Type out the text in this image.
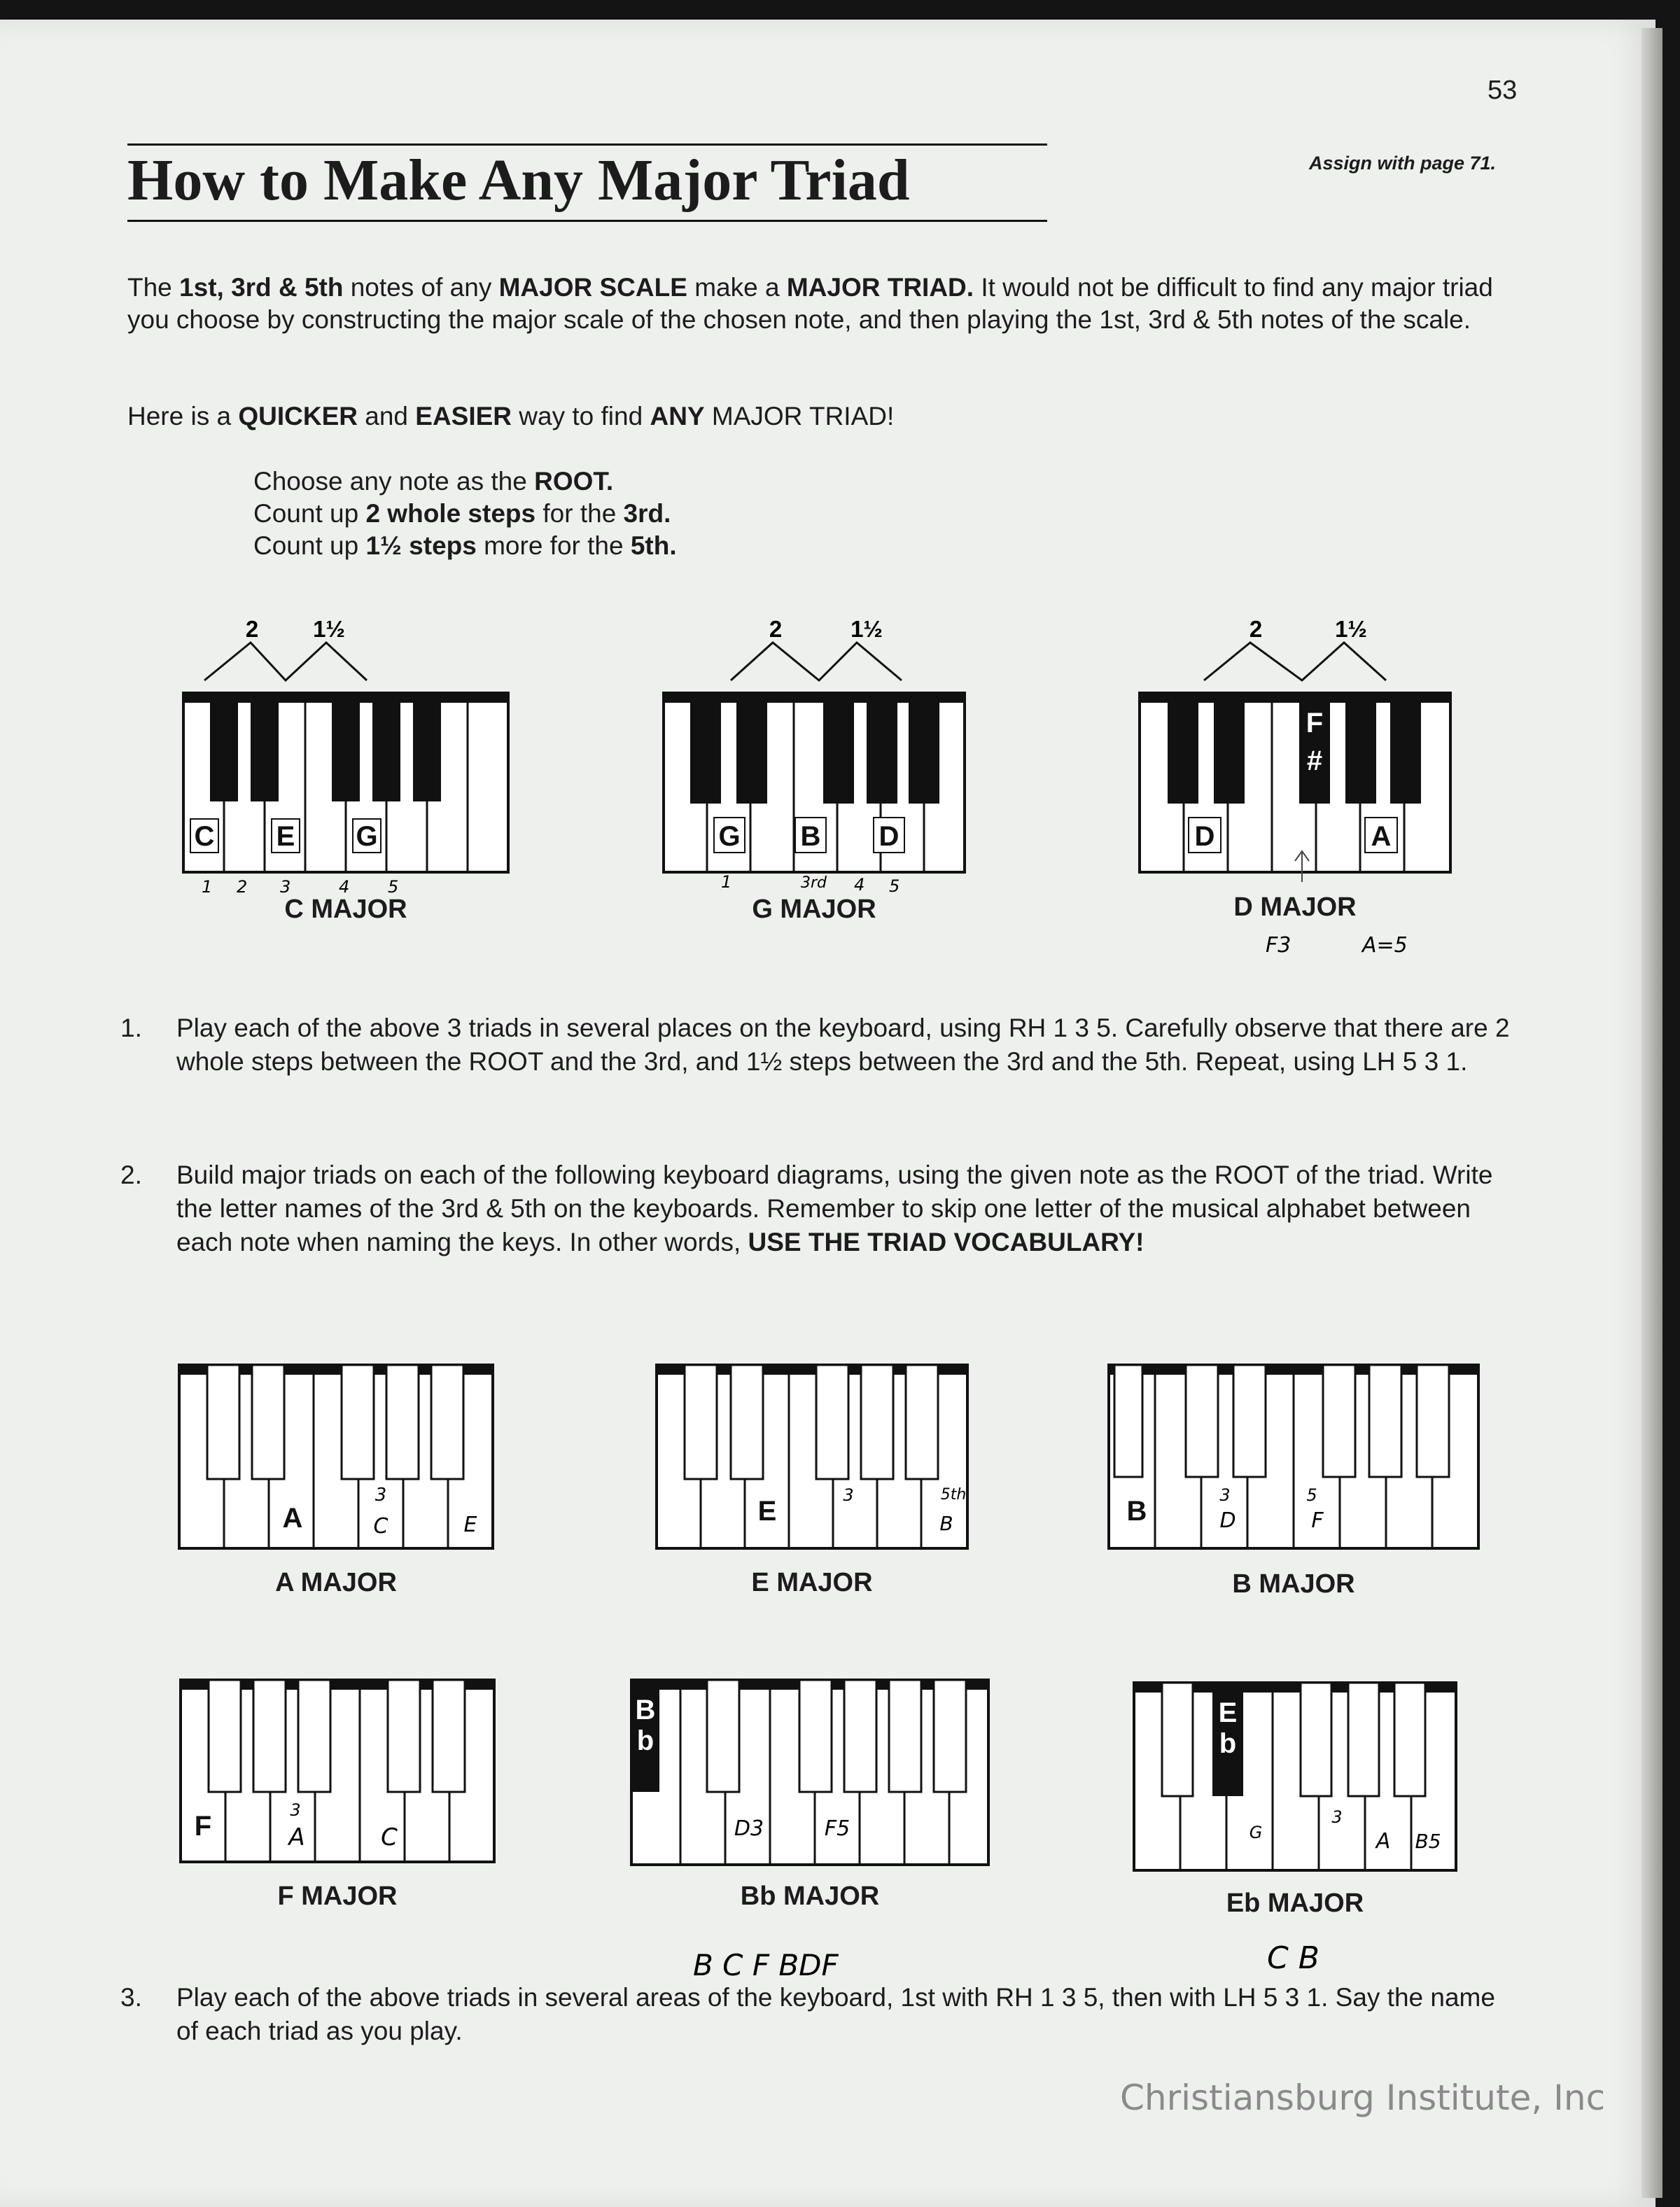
53
How to Make Any Major Triad	Assign with page 71.
The 1st, 3rd & 5th notes of any MAJOR SCALE make a MAJOR TRIAD. It would not be difficult to find any major triad you choose by constructing the major scale of the chosen note, and then playing the 1st, 3rd & 5th notes of the scale.
Here is a QUICKER and EASIER way to find ANY MAJOR TRIAD!
Choose any note as the ROOT.
Count up 2 whole steps for the 3rd.
Count up 1½ steps more for the 5th.
C E G
1 2 3	4 5
2 1½
G B D
1	3rd 4 5
2	1½
F
#
D	A
F3	A=5
2	1½
A
3
C	E	E
3
B
5th
B
3
D
5
F
F
3
A	C
B
b
D3	F5
E
b
G
3
A B5
B C F BDF	C B
C MAJOR	G MAJOR	D MAJOR
1. Play each of the above 3 triads in several places on the keyboard, using RH 1 3 5. Carefully observe that there are 2 whole steps between the ROOT and the 3rd, and 1½ steps between the 3rd and the 5th. Repeat, using LH 5 3 1.
2. Build major triads on each of the following keyboard diagrams, using the given note as the ROOT of the triad. Write the letter names of the 3rd & 5th on the keyboards. Remember to skip one letter of the musical alphabet between each note when naming the keys. In other words, USE THE TRIAD VOCABULARY!
3. Play each of the above triads in several areas of the keyboard, 1st with RH 1 3 5, then with LH 5 3 1. Say the name of each triad as you play.
A MAJOR	E MAJOR	B MAJOR
F MAJOR	Bb MAJOR	Eb MAJOR
Christiansburg Institute, Inc
